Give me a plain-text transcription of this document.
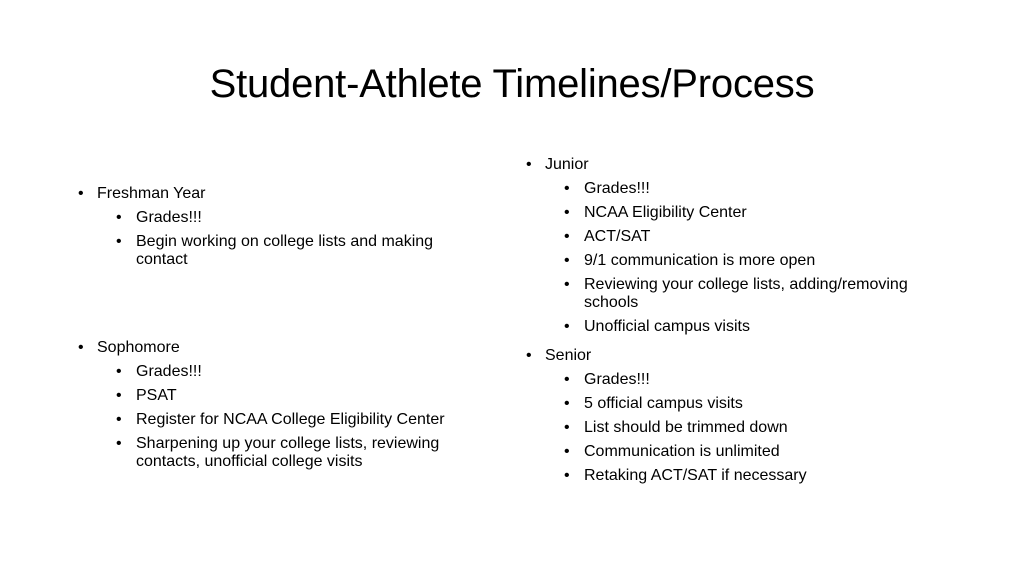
Student-Athlete Timelines/Process
• Freshman Year
• Grades!!!
• Begin working on college lists and making contact
• Sophomore
• Grades!!!
• PSAT
• Register for NCAA College Eligibility Center
• Sharpening up your college lists, reviewing contacts, unofficial college visits
• Junior
• Grades!!!
• NCAA Eligibility Center
• ACT/SAT
• 9/1 communication is more open
• Reviewing your college lists, adding/removing schools
• Unofficial campus visits
• Senior
• Grades!!!
• 5 official campus visits
• List should be trimmed down
• Communication is unlimited
• Retaking ACT/SAT if necessary
